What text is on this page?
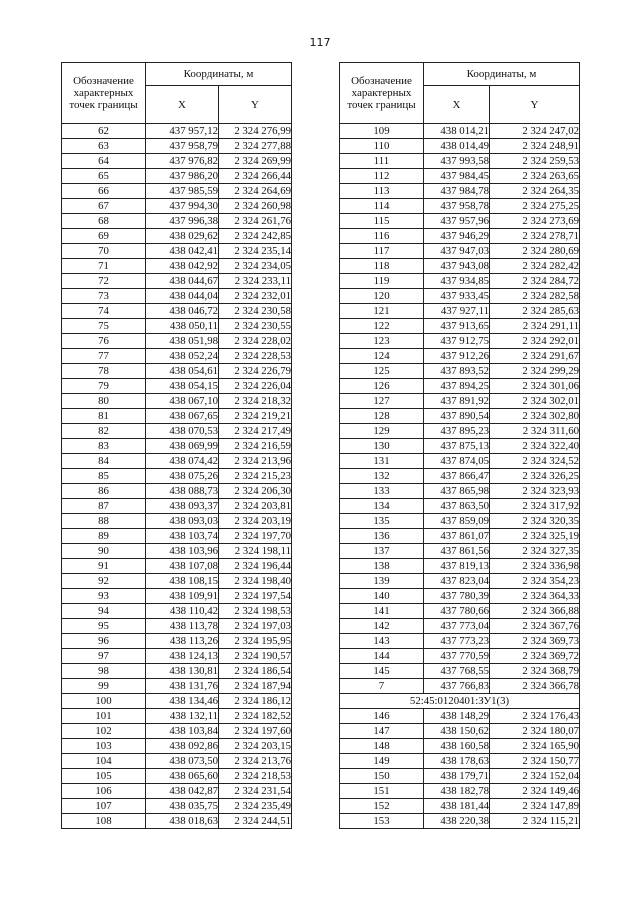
117
Обозначение характерных точек границы	Координаты, м	
	X	Y
62	437 957,12	2 324 276,99
63	437 958,79	2 324 277,88
64	437 976,82	2 324 269,99
65	437 986,20	2 324 266,44
66	437 985,59	2 324 264,69
67	437 994,30	2 324 260,98
68	437 996,38	2 324 261,76
69	438 029,62	2 324 242,85
70	438 042,41	2 324 235,14
71	438 042,92	2 324 234,05
72	438 044,67	2 324 233,11
73	438 044,04	2 324 232,01
74	438 046,72	2 324 230,58
75	438 050,11	2 324 230,55
76	438 051,98	2 324 228,02
77	438 052,24	2 324 228,53
78	438 054,61	2 324 226,79
79	438 054,15	2 324 226,04
80	438 067,10	2 324 218,32
81	438 067,65	2 324 219,21
82	438 070,53	2 324 217,49
83	438 069,99	2 324 216,59
84	438 074,42	2 324 213,96
85	438 075,26	2 324 215,23
86	438 088,73	2 324 206,30
87	438 093,37	2 324 203,81
88	438 093,03	2 324 203,19
89	438 103,74	2 324 197,70
90	438 103,96	2 324 198,11
91	438 107,08	2 324 196,44
92	438 108,15	2 324 198,40
93	438 109,91	2 324 197,54
94	438 110,42	2 324 198,53
95	438 113,78	2 324 197,03
96	438 113,26	2 324 195,95
97	438 124,13	2 324 190,57
98	438 130,81	2 324 186,54
99	438 131,76	2 324 187,94
100	438 134,46	2 324 186,12
101	438 132,11	2 324 182,52
102	438 103,84	2 324 197,60
103	438 092,86	2 324 203,15
104	438 073,50	2 324 213,76
105	438 065,60	2 324 218,53
106	438 042,87	2 324 231,54
107	438 035,75	2 324 235,49
108	438 018,63	2 324 244,51
Обозначение характерных точек границы	Координаты, м	
	X	Y
109	438 014,21	2 324 247,02
110	438 014,49	2 324 248,91
111	437 993,58	2 324 259,53
112	437 984,45	2 324 263,65
113	437 984,78	2 324 264,35
114	437 958,78	2 324 275,25
115	437 957,96	2 324 273,69
116	437 946,29	2 324 278,71
117	437 947,03	2 324 280,69
118	437 943,08	2 324 282,42
119	437 934,85	2 324 284,72
120	437 933,45	2 324 282,58
121	437 927,11	2 324 285,63
122	437 913,65	2 324 291,11
123	437 912,75	2 324 292,01
124	437 912,26	2 324 291,67
125	437 893,52	2 324 299,29
126	437 894,25	2 324 301,06
127	437 891,92	2 324 302,01
128	437 890,54	2 324 302,80
129	437 895,23	2 324 311,60
130	437 875,13	2 324 322,40
131	437 874,05	2 324 324,52
132	437 866,47	2 324 326,25
133	437 865,98	2 324 323,93
134	437 863,50	2 324 317,92
135	437 859,09	2 324 320,35
136	437 861,07	2 324 325,19
137	437 861,56	2 324 327,35
138	437 819,13	2 324 336,98
139	437 823,04	2 324 354,23
140	437 780,39	2 324 364,33
141	437 780,66	2 324 366,88
142	437 773,04	2 324 367,76
143	437 773,23	2 324 369,73
144	437 770,59	2 324 369,72
145	437 768,55	2 324 368,79
7	437 766,83	2 324 366,78
52:45:0120401:ЗУ1(3)		
146	438 148,29	2 324 176,43
147	438 150,62	2 324 180,07
148	438 160,58	2 324 165,90
149	438 178,63	2 324 150,77
150	438 179,71	2 324 152,04
151	438 182,78	2 324 149,46
152	438 181,44	2 324 147,89
153	438 220,38	2 324 115,21
